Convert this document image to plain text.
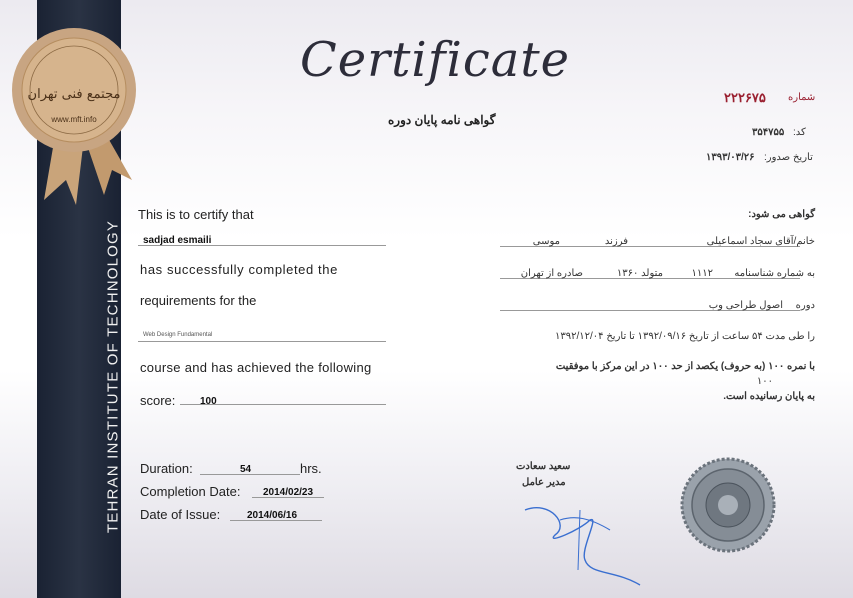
TEHRAN INSTITUTE OF TECHNOLOGY
مجتمع فنی تهران
www.mft.info
Certificate
گواهی نامه پایان دوره
۲۲۲۶۷۵ شماره
کد:
۳۵۴۷۵۵
تاریخ صدور:
۱۳۹۳/۰۳/۲۶
This is to certify that
sadjad esmaili
has successfully completed the
requirements for the
Web Design Fundamental
course and has achieved the following
score: 100
Duration:	54	hrs.
Completion Date: 2014/02/23
Date of Issue:	2014/06/16
گواهی می شود:
خانم/آقای سجاد اسماعیلی
فرزند
موسی
به شماره شناسنامه
۱۱۱۲
متولد ۱۳۶۰
صادره از تهران
دوره
اصول طراحی وب
را طی مدت ۵۴ ساعت از تاریخ ۱۳۹۲/۰۹/۱۶ تا تاریخ ۱۳۹۲/۱۲/۰۴
با نمره ۱۰۰ (به حروف) یکصد از حد ۱۰۰ در این مرکز با موفقیت
۱۰۰
به پایان رسانیده است.
سعید سعادت
مدیر عامل
